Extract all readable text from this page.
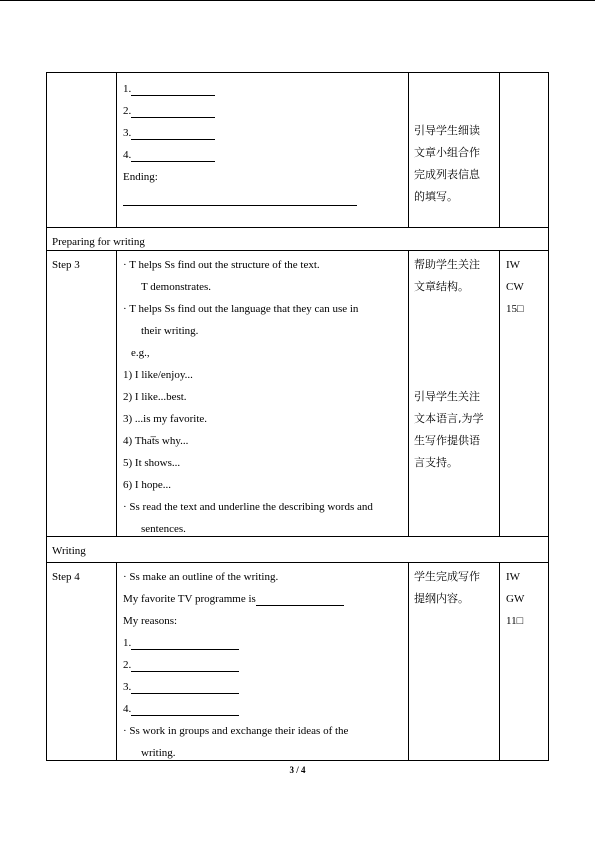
1.
2.
3.
4.
Ending:
引导学生细读
文章小组合作
完成列表信息
的填写。
Preparing for writing
Step 3	· T helps Ss find out the structure of the text.
T demonstrates.
· T helps Ss find out the language that they can use in
their writing.
e.g.,
1) I like/enjoy...
2) I like...best.
3) ...is my favorite.
4) That̅s why...
5) It shows...
6) I hope...
· Ss read the text and underline the describing words and
sentences.
帮助学生关注
文章结构。
引导学生关注
文本语言,为学
生写作提供语
言支持。
IW
CW
15□
Writing
Step 4	· Ss make an outline of the writing.
My favorite TV programme is
My reasons:
1.
2.
3.
4.
· Ss work in groups and exchange their ideas of the
writing.
学生完成写作
提纲内容。
IW
GW
11□
3 / 4
